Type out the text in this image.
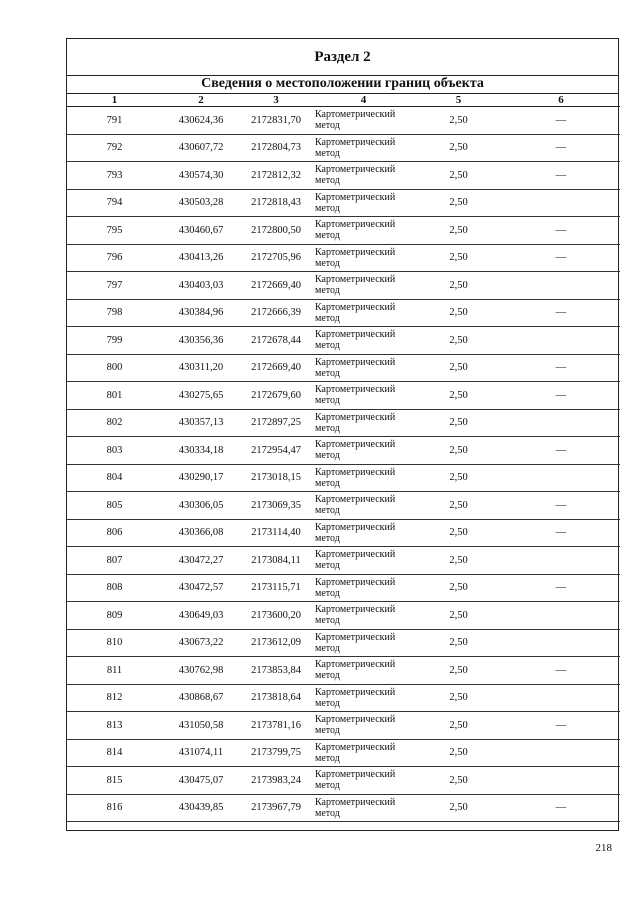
Раздел 2
Сведения о местоположении границ объекта
1	2	3	4	5	6
791	430624,36	2172831,70	Картометрический
метод	2,50	—
792	430607,72	2172804,73	Картометрический
метод	2,50	—
793	430574,30	2172812,32	Картометрический
метод	2,50	—
794	430503,28	2172818,43	Картометрический
метод	2,50	
795	430460,67	2172800,50	Картометрический
метод	2,50	—
796	430413,26	2172705,96	Картометрический
метод	2,50	—
797	430403,03	2172669,40	Картометрический
метод	2,50	
798	430384,96	2172666,39	Картометрический
метод	2,50	—
799	430356,36	2172678,44	Картометрический
метод	2,50	
800	430311,20	2172669,40	Картометрический
метод	2,50	—
801	430275,65	2172679,60	Картометрический
метод	2,50	—
802	430357,13	2172897,25	Картометрический
метод	2,50	
803	430334,18	2172954,47	Картометрический
метод	2,50	—
804	430290,17	2173018,15	Картометрический
метод	2,50	
805	430306,05	2173069,35	Картометрический
метод	2,50	—
806	430366,08	2173114,40	Картометрический
метод	2,50	—
807	430472,27	2173084,11	Картометрический
метод	2,50	
808	430472,57	2173115,71	Картометрический
метод	2,50	—
809	430649,03	2173600,20	Картометрический
метод	2,50	
810	430673,22	2173612,09	Картометрический
метод	2,50	
811	430762,98	2173853,84	Картометрический
метод	2,50	—
812	430868,67	2173818,64	Картометрический
метод	2,50	
813	431050,58	2173781,16	Картометрический
метод	2,50	—
814	431074,11	2173799,75	Картометрический
метод	2,50	
815	430475,07	2173983,24	Картометрический
метод	2,50	
816	430439,85	2173967,79	Картометрический
метод	2,50	—
218
